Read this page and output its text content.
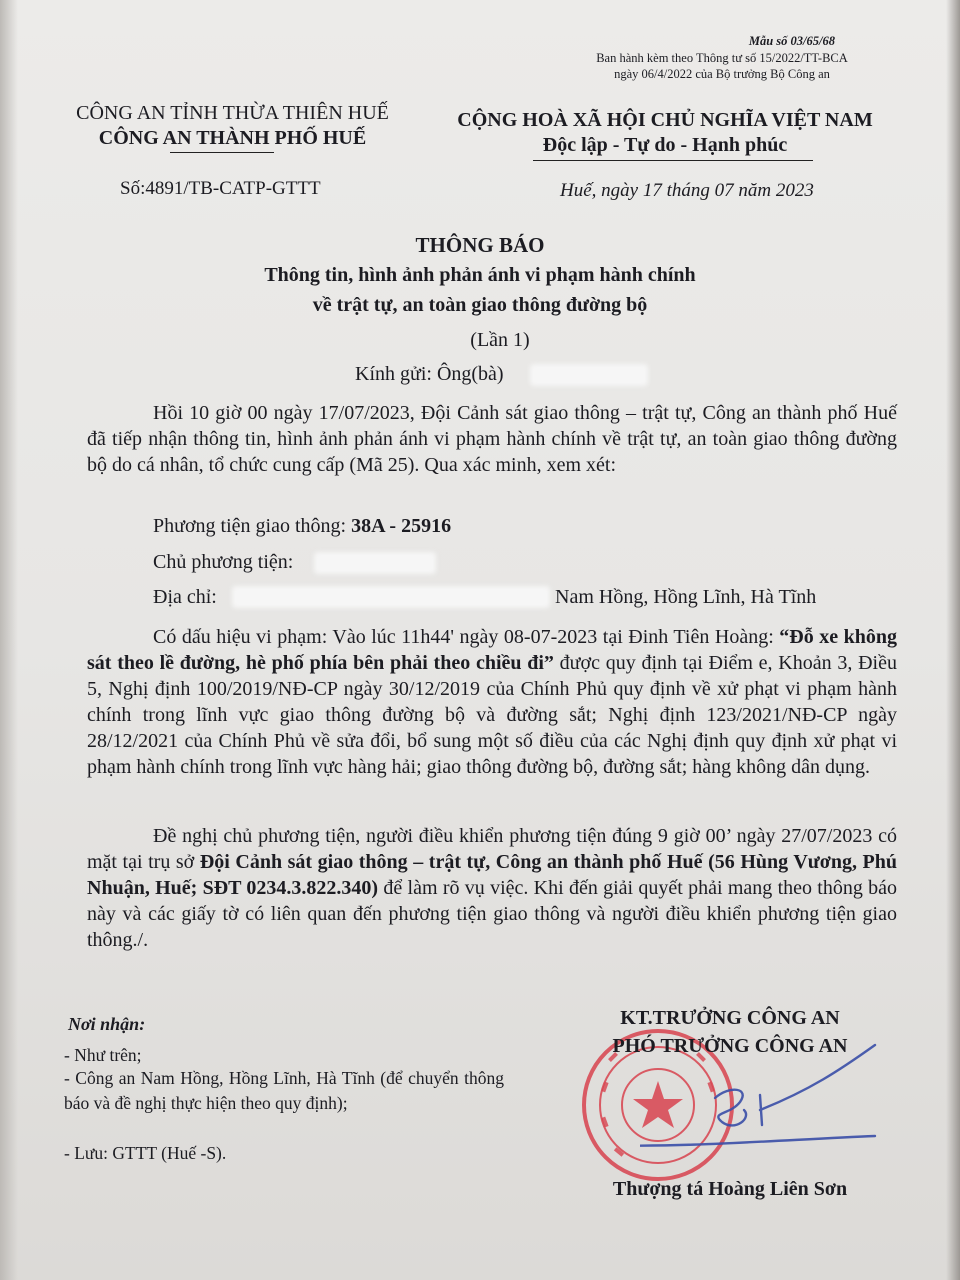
Mẫu số 03/65/68
Ban hành kèm theo Thông tư số 15/2022/TT-BCA
ngày 06/4/2022 của Bộ trưởng Bộ Công an
CÔNG AN TỈNH THỪA THIÊN HUẾ
CÔNG AN THÀNH PHỐ HUẾ
CỘNG HOÀ XÃ HỘI CHỦ NGHĨA VIỆT NAM
Độc lập - Tự do - Hạnh phúc
Số:4891/TB-CATP-GTTT	Huế, ngày 17 tháng 07 năm 2023
THÔNG BÁO
Thông tin, hình ảnh phản ánh vi phạm hành chính
về trật tự, an toàn giao thông đường bộ
(Lần 1)
Kính gửi: Ông(bà)
Hồi 10 giờ 00 ngày 17/07/2023, Đội Cảnh sát giao thông – trật tự, Công an thành phố Huế đã tiếp nhận thông tin, hình ảnh phản ánh vi phạm hành chính về trật tự, an toàn giao thông đường bộ do cá nhân, tổ chức cung cấp (Mã 25). Qua xác minh, xem xét:
Phương tiện giao thông: 38A - 25916
Chủ phương tiện:
Địa chỉ:	Nam Hồng, Hồng Lĩnh, Hà Tĩnh
Có dấu hiệu vi phạm: Vào lúc 11h44' ngày 08-07-2023 tại Đinh Tiên Hoàng: “Đỗ xe không sát theo lề đường, hè phố phía bên phải theo chiều đi” được quy định tại Điểm e, Khoản 3, Điều 5, Nghị định 100/2019/NĐ-CP ngày 30/12/2019 của Chính Phủ quy định về xử phạt vi phạm hành chính trong lĩnh vực giao thông đường bộ và đường sắt; Nghị định 123/2021/NĐ-CP ngày 28/12/2021 của Chính Phủ về sửa đổi, bổ sung một số điều của các Nghị định quy định xử phạt vi phạm hành chính trong lĩnh vực hàng hải; giao thông đường bộ, đường sắt; hàng không dân dụng.
Đề nghị chủ phương tiện, người điều khiển phương tiện đúng 9 giờ 00’ ngày 27/07/2023 có mặt tại trụ sở Đội Cảnh sát giao thông – trật tự, Công an thành phố Huế (56 Hùng Vương, Phú Nhuận, Huế; SĐT 0234.3.822.340) để làm rõ vụ việc. Khi đến giải quyết phải mang theo thông báo này và các giấy tờ có liên quan đến phương tiện giao thông và người điều khiển phương tiện giao thông./.
Nơi nhận:
- Như trên;
- Công an Nam Hồng, Hồng Lĩnh, Hà Tĩnh (để chuyển thông báo và đề nghị thực hiện theo quy định);
- Lưu: GTTT (Huế -S).
KT.TRƯỞNG CÔNG AN
PHÓ TRƯỞNG CÔNG AN
Thượng tá Hoàng Liên Sơn
